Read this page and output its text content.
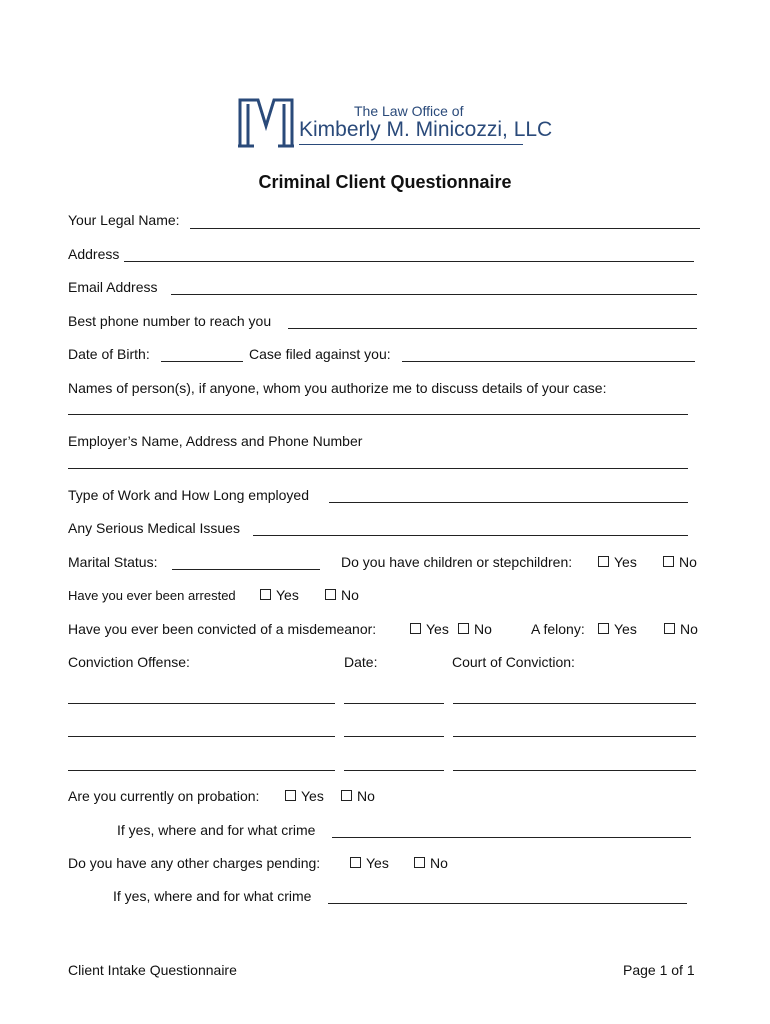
The Law Office of
Kimberly M. Minicozzi, LLC
Criminal Client Questionnaire
Your Legal Name:
Address
Email Address
Best phone number to reach you
Date of Birth:	Case filed against you:
Names of person(s), if anyone, whom you authorize me to discuss details of your case:
Employer’s Name, Address and Phone Number
Type of Work and How Long employed
Any Serious Medical Issues
Marital Status:	Do you have children or stepchildren:	Yes	No
Have you ever been arrested	Yes	No
Have you ever been convicted of a misdemeanor:	Yes	No	A felony:	Yes	No
Conviction Offense:	Date:	Court of Conviction:
Are you currently on probation:	Yes	No
If yes, where and for what crime
Do you have any other charges pending:	Yes	No
If yes, where and for what crime
Client Intake Questionnaire	Page 1 of 1
